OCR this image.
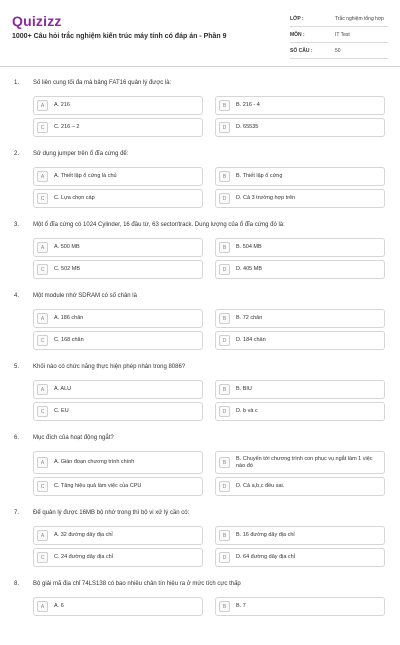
Quizizz
1000+ Câu hỏi trắc nghiệm kiến trúc máy tính có đáp án - Phần 9
LỚP :	Trắc nghiệm tổng hợp
MÔN :	IT Test
SỐ CÂU :	50
1. Số liên cung tối đa mà bảng FAT16 quản lý được là:
A	A. 216	B	B. 216 - 4
C	C. 216 – 2	D	D. 65535
2. Sử dụng jumper trên ổ đĩa cứng để:
A	A. Thiết lập ổ cứng là chủ	B	B. Thiết lập ổ cứng
C	C. Lựa chọn cáp	D	D. Cả 3 trường hợp trên
3. Một ổ đĩa cứng có 1024 Cylinder, 16 đầu từ, 63 sector/track. Dung lượng của ổ đĩa cứng đó là:
A	A. 500 MB	B	B. 504 MB
C	C. 502 MB	D	D. 405 MB
4. Một module nhớ SDRAM có số chân là
A	A. 186 chân	B	B. 72 chân
C	C. 168 chân	D	D. 184 chân
5. Khối nào có chức năng thực hiện phép nhân trong 8086?
A	A. ALU	B	B. BIU
C	C. EU	D	D. b và c
6. Mục đích của hoạt động ngắt?
A	A. Gián đoạn chương trình chính	B
B. Chuyển tới chương trình con phục vụ ngắt làm 1 việc nào đó
C	C. Tăng hiệu quả làm việc của CPU	D	D. Cả a,b,c đều sai.
7. Để quản lý được 16MB bộ nhớ trong thì bộ vi xử lý cần có:
A	A. 32 đường dây địa chỉ	B	B. 16 đường dây địa chỉ
C	C. 24 đường dây địa chỉ	D	D. 64 đường dây địa chỉ
8. Bộ giải mã địa chỉ 74LS138 có bao nhiêu chân tín hiệu ra ở mức tích cực thấp
A	A. 6	B	B. 7
